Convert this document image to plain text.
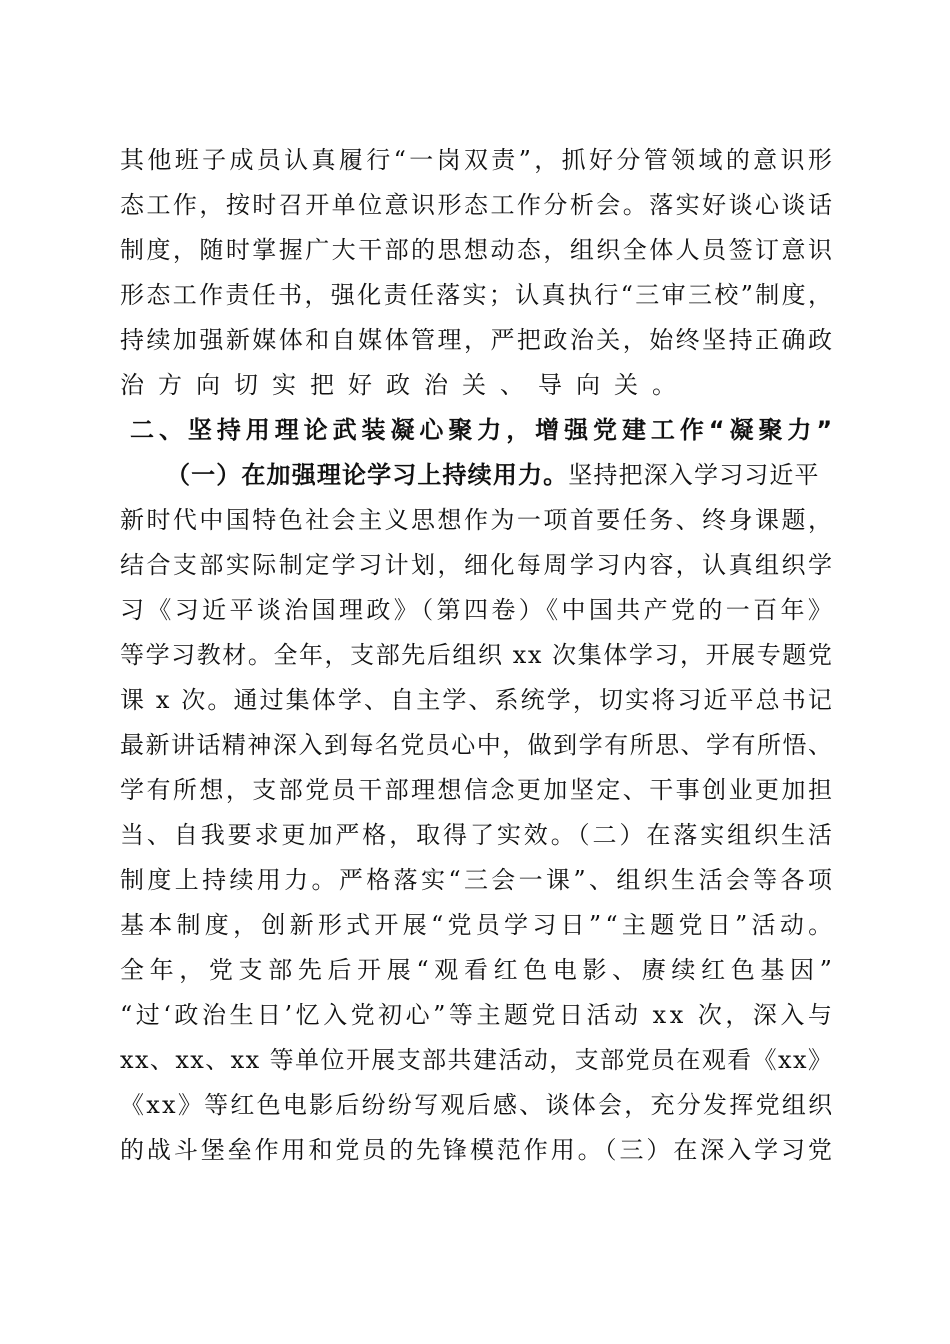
其他班子成员认真履行“一岗双责”，抓好分管领域的意识形
态工作，按时召开单位意识形态工作分析会。落实好谈心谈话
制度，随时掌握广大干部的思想动态，组织全体人员签订意识
形态工作责任书，强化责任落实；认真执行“三审三校”制度，
持续加强新媒体和自媒体管理，严把政治关，始终坚持正确政
治方向切实把好政治关、导向关。
二、坚持用理论武装凝心聚力，增强党建工作“凝聚力”
（一）在加强理论学习上持续用力。坚持把深入学习习近平
新时代中国特色社会主义思想作为一项首要任务、终身课题，
结合支部实际制定学习计划，细化每周学习内容，认真组织学
习《习近平谈治国理政》（第四卷）《中国共产党的一百年》
等学习教材。全年，支部先后组织 xx 次集体学习，开展专题党
课 x 次。通过集体学、自主学、系统学，切实将习近平总书记
最新讲话精神深入到每名党员心中，做到学有所思、学有所悟、
学有所想，支部党员干部理想信念更加坚定、干事创业更加担
当、自我要求更加严格，取得了实效。（二）在落实组织生活
制度上持续用力。严格落实“三会一课”、组织生活会等各项
基本制度，创新形式开展“党员学习日”“主题党日”活动。
全年，党支部先后开展“观看红色电影、赓续红色基因”
“过‘政治生日’忆入党初心”等主题党日活动 xx 次，深入与
xx、xx、xx 等单位开展支部共建活动，支部党员在观看《xx》
《xx》等红色电影后纷纷写观后感、谈体会，充分发挥党组织
的战斗堡垒作用和党员的先锋模范作用。（三）在深入学习党
